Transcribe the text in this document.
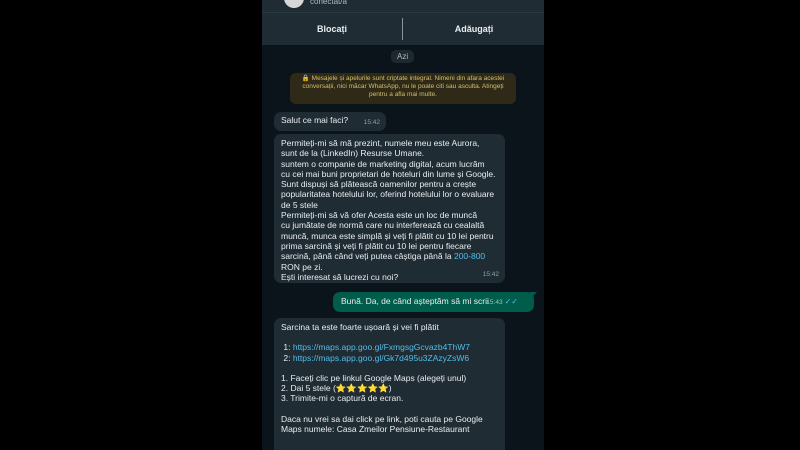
conectat/ă
Blocați	Adăugați
Azi
🔒 Mesajele și apelurile sunt criptate integral. Nimeni din afara acestei
conversații, nici măcar WhatsApp, nu le poate citi sau asculta. Atingeți
pentru a afla mai multe.
Salut ce mai faci? 15:42
Permiteți-mi să mă prezint, numele meu este Aurora,
sunt de la (LinkedIn) Resurse Umane.
suntem o companie de marketing digital, acum lucrăm
cu cei mai buni proprietari de hoteluri din lume și Google.
Sunt dispuși să plătească oamenilor pentru a crește
popularitatea hotelului lor, oferind hotelului lor o evaluare
de 5 stele
Permiteți-mi să vă ofer Acesta este un loc de muncă
cu jumătate de normă care nu interferează cu cealaltă
muncă, munca este simplă și veți fi plătit cu 10 lei pentru
prima sarcină și veți fi plătit cu 10 lei pentru fiecare
sarcină, până când veți putea câștiga până la 200-800
RON pe zi.
Ești interesat să lucrezi cu noi?	15:42
Bună. Da, de când așteptăm să mi scrii
15:43 ✓✓
Sarcina ta este foarte ușoară și vei fi plătit
1: https://maps.app.goo.gl/FxmgsgGcvazb4ThW7
2: https://maps.app.goo.gl/Gk7d495u3ZAzyZsW6
1. Faceți clic pe linkul Google Maps (alegeți unul)
2. Dai 5 stele (⭐⭐⭐⭐⭐)
3. Trimite-mi o captură de ecran.
Daca nu vrei sa dai click pe link, poti cauta pe Google
Maps numele: Casa Zmeilor Pensiune-Restaurant
